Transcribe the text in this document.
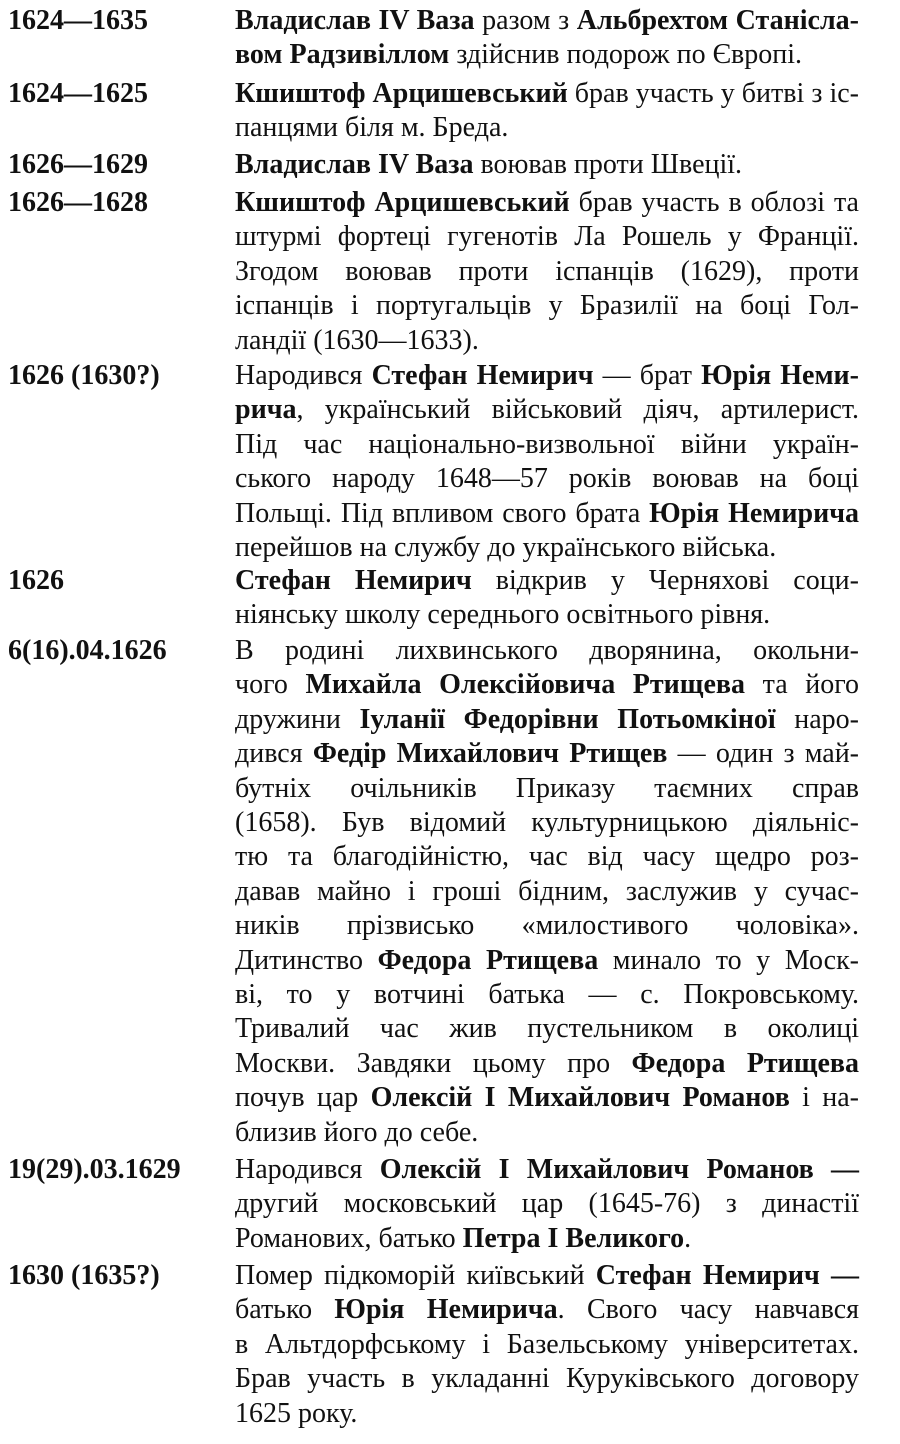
1624—1635	Владислав IV Ваза разом з Альбрехтом Станісла-
вом Радзивіллом здійснив подорож по Європі.
1624—1625	Кшиштоф Арцишевський брав участь у битві з іс-
панцями біля м. Бреда.
1626—1629	Владислав IV Ваза воював проти Швеції.
1626—1628	Кшиштоф Арцишевський брав участь в облозі та
штурмі фортеці гугенотів Ла Рошель у Франції.
Згодом воював проти іспанців (1629), проти
іспанців і португальців у Бразилії на боці Гол-
ландії (1630—1633).
1626 (1630?)	Народився Стефан Немирич — брат Юрія Неми-
рича, український військовий діяч, артилерист.
Під час національно-визвольної війни україн-
ського народу 1648—57 років воював на боці
Польщі. Під впливом свого брата Юрія Немирича
перейшов на службу до українського війська.
1626	Стефан Немирич відкрив у Черняхові соци-
ніянську школу середнього освітнього рівня.
6(16).04.1626 В родині лихвинського дворянина, окольни-
чого Михайла Олексійовича Ртищева та його
дружини Іуланії Федорівни Потьомкіної наро-
дився Федір Михайлович Ртищев — один з май-
бутніх очільників Приказу таємних справ
(1658). Був відомий культурницькою діяльніс-
тю та благодійністю, час від часу щедро роз-
давав майно і гроші бідним, заслужив у сучас-
ників прізвисько «милостивого чоловіка».
Дитинство Федора Ртищева минало то у Моск-
ві, то у вотчині батька — с. Покровському.
Тривалий час жив пустельником в околиці
Москви. Завдяки цьому про Федора Ртищева
почув цар Олексій І Михайлович Романов і на-
близив його до себе.
19(29).03.1629 Народився Олексій І Михайлович Романов —
другий московський цар (1645-76) з династії
Романових, батько Петра І Великого.
1630 (1635?)	Помер підкоморій київський Стефан Немирич —
батько Юрія Немирича. Свого часу навчався
в Альтдорфському і Базельському університетах.
Брав участь в укладанні Куруківського договору
1625 року.
